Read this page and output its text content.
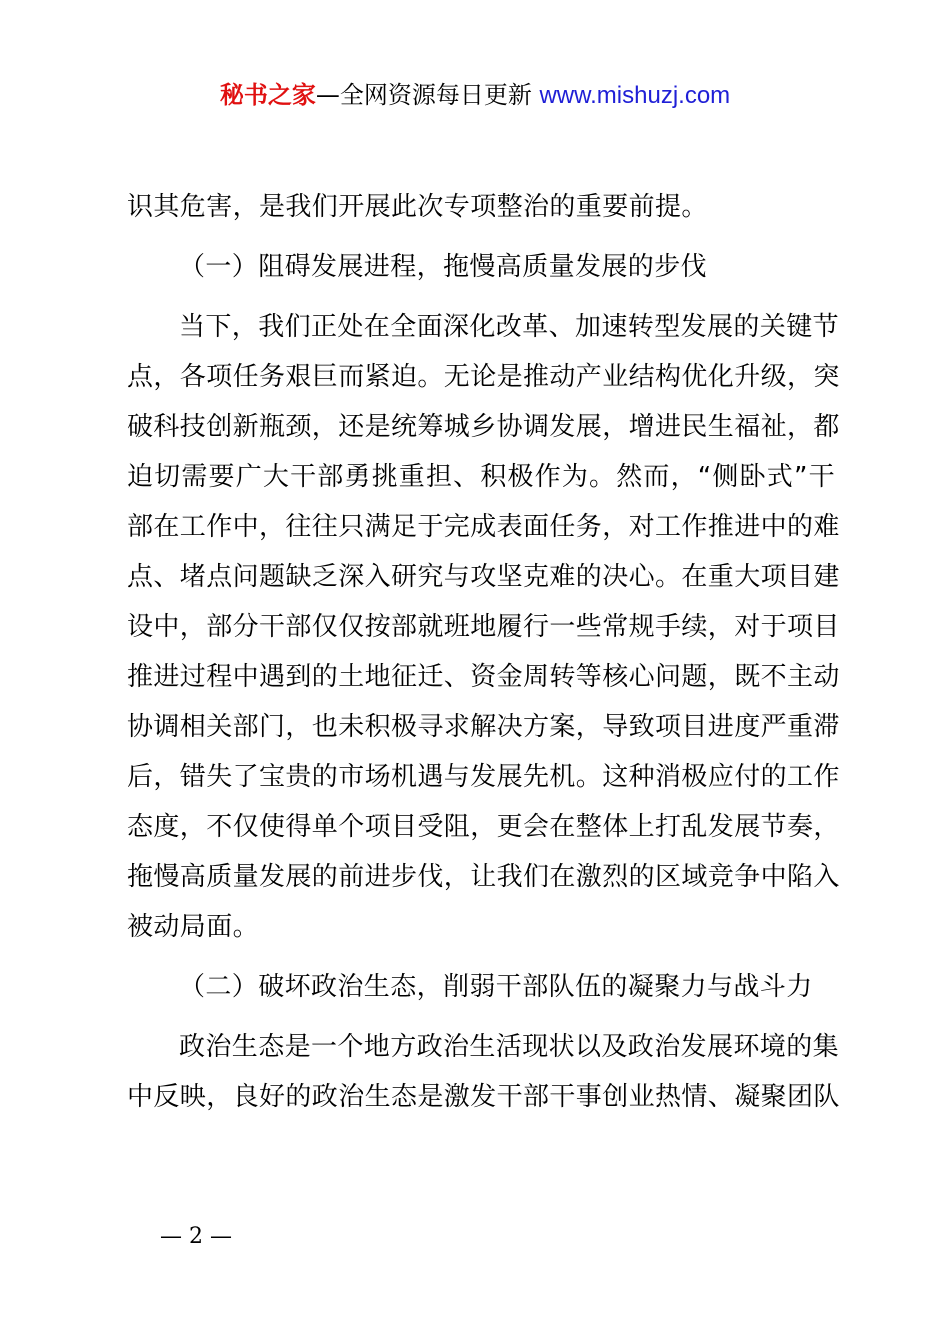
秘书之家—全网资源每日更新 www.mishuzj.com

识其危害，是我们开展此次专项整治的重要前提。

（一）阻碍发展进程，拖慢高质量发展的步伐

当下，我们正处在全面深化改革、加速转型发展的关键节
点，各项任务艰巨而紧迫。无论是推动产业结构优化升级，突
破科技创新瓶颈，还是统筹城乡协调发展，增进民生福祉，都
迫切需要广大干部勇挑重担、积极作为。然而，“侧卧式”干
部在工作中，往往只满足于完成表面任务，对工作推进中的难
点、堵点问题缺乏深入研究与攻坚克难的决心。在重大项目建
设中，部分干部仅仅按部就班地履行一些常规手续，对于项目
推进过程中遇到的土地征迁、资金周转等核心问题，既不主动
协调相关部门，也未积极寻求解决方案，导致项目进度严重滞
后，错失了宝贵的市场机遇与发展先机。这种消极应付的工作
态度，不仅使得单个项目受阻，更会在整体上打乱发展节奏，
拖慢高质量发展的前进步伐，让我们在激烈的区域竞争中陷入
被动局面。

（二）破坏政治生态，削弱干部队伍的凝聚力与战斗力

政治生态是一个地方政治生活现状以及政治发展环境的集
中反映，良好的政治生态是激发干部干事创业热情、凝聚团队

— 2 —
